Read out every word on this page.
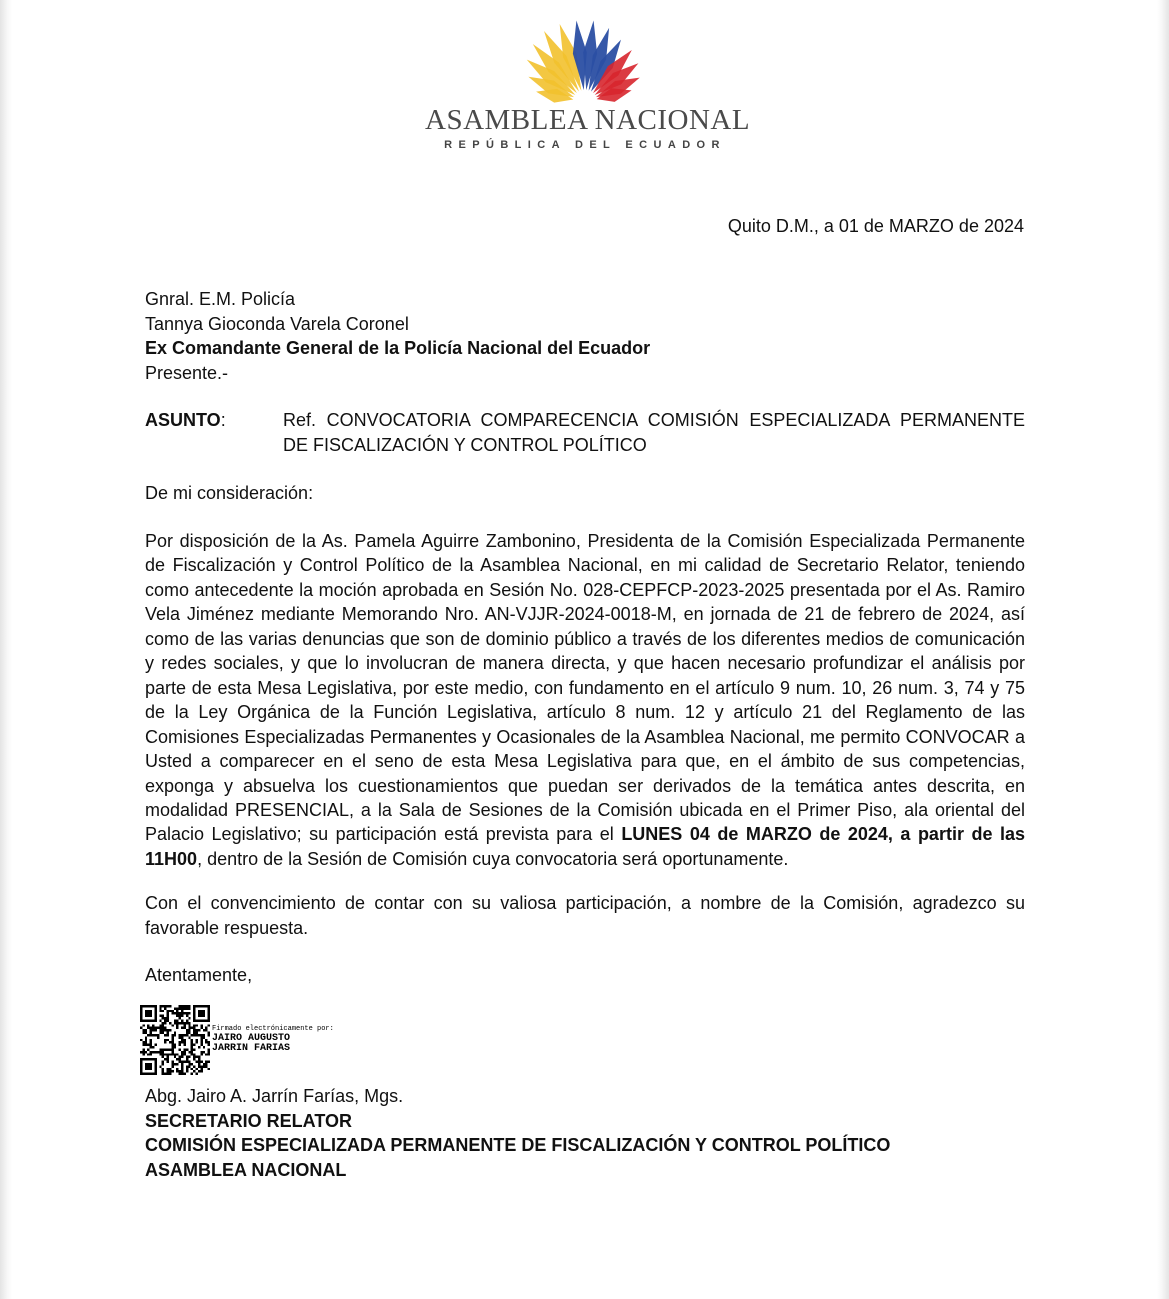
ASAMBLEA NACIONAL
REPÚBLICA DEL ECUADOR
Quito D.M., a 01 de MARZO de 2024
Gnral. E.M. Policía
Tannya Gioconda Varela Coronel
Ex Comandante General de la Policía Nacional del Ecuador
Presente.-
ASUNTO:	Ref. CONVOCATORIA COMPARECENCIA COMISIÓN ESPECIALIZADA PERMANENTE DE FISCALIZACIÓN Y CONTROL POLÍTICO
De mi consideración:
Por disposición de la As. Pamela Aguirre Zambonino, Presidenta de la Comisión Especializada Permanente de Fiscalización y Control Político de la Asamblea Nacional, en mi calidad de Secretario Relator, teniendo como antecedente la moción aprobada en Sesión No. 028-CEPFCP-2023-2025 presentada por el As. Ramiro Vela Jiménez mediante Memorando Nro. AN-VJJR-2024-0018-M, en jornada de 21 de febrero de 2024, así como de las varias denuncias que son de dominio público a través de los diferentes medios de comunicación y redes sociales, y que lo involucran de manera directa, y que hacen necesario profundizar el análisis por parte de esta Mesa Legislativa, por este medio, con fundamento en el artículo 9 num. 10, 26 num. 3, 74 y 75 de la Ley Orgánica de la Función Legislativa, artículo 8 num. 12 y artículo 21 del Reglamento de las Comisiones Especializadas Permanentes y Ocasionales de la Asamblea Nacional, me permito CONVOCAR a Usted a comparecer en el seno de esta Mesa Legislativa para que, en el ámbito de sus competencias, exponga y absuelva los cuestionamientos que puedan ser derivados de la temática antes descrita, en modalidad PRESENCIAL, a la Sala de Sesiones de la Comisión ubicada en el Primer Piso, ala oriental del Palacio Legislativo; su participación está prevista para el LUNES 04 de MARZO de 2024, a partir de las 11H00, dentro de la Sesión de Comisión cuya convocatoria será oportunamente.
Con el convencimiento de contar con su valiosa participación, a nombre de la Comisión, agradezco su favorable respuesta.
Atentamente,
Firmado electrónicamente por:
JAIRO AUGUSTO
JARRIN FARIAS
Abg. Jairo A. Jarrín Farías, Mgs.
SECRETARIO RELATOR
COMISIÓN ESPECIALIZADA PERMANENTE DE FISCALIZACIÓN Y CONTROL POLÍTICO
ASAMBLEA NACIONAL
